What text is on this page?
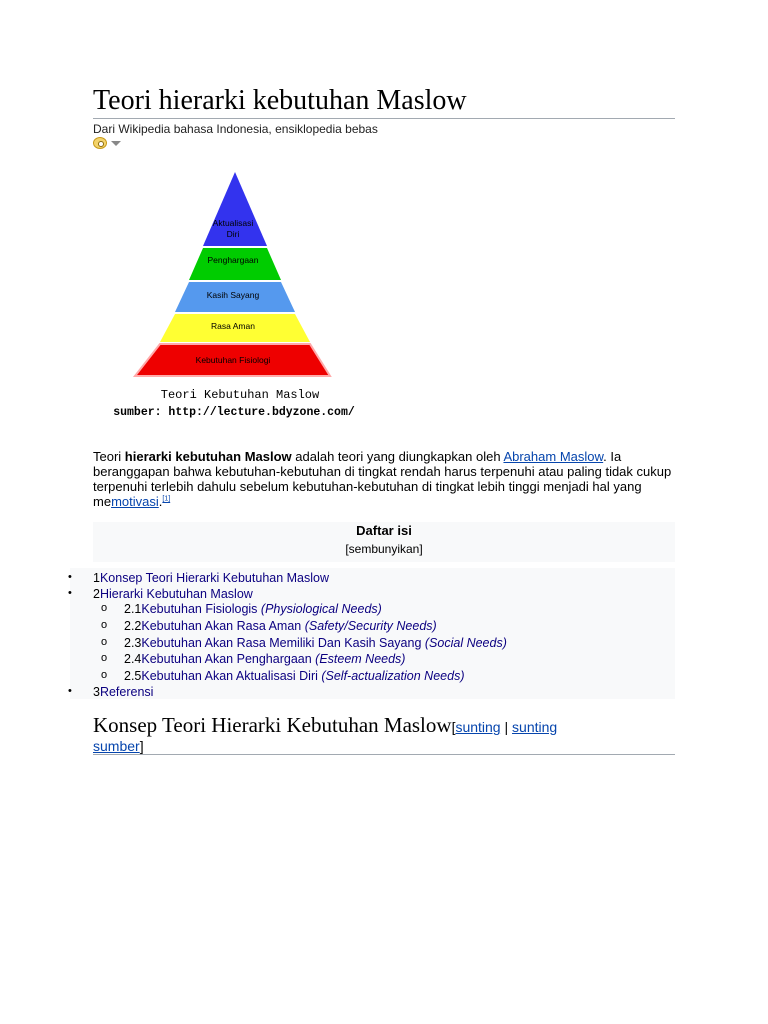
Teori hierarki kebutuhan Maslow
Dari Wikipedia bahasa Indonesia, ensiklopedia bebas
Aktualisasi
Diri
Penghargaan
Kasih Sayang
Rasa Aman
Kebutuhan Fisiologi
Teori Kebutuhan Maslow
sumber: http://lecture.bdyzone.com/
Teori hierarki kebutuhan Maslow adalah teori yang diungkapkan oleh Abraham Maslow. Ia beranggapan bahwa kebutuhan-kebutuhan di tingkat rendah harus terpenuhi atau paling tidak cukup terpenuhi terlebih dahulu sebelum kebutuhan-kebutuhan di tingkat lebih tinggi menjadi hal yang memotivasi.[1]
Daftar isi
[sembunyikan]
• 1Konsep Teori Hierarki Kebutuhan Maslow
• 2Hierarki Kebutuhan Maslow
o 2.1Kebutuhan Fisiologis (Physiological Needs)
o 2.2Kebutuhan Akan Rasa Aman (Safety/Security Needs)
o 2.3Kebutuhan Akan Rasa Memiliki Dan Kasih Sayang (Social Needs)
o 2.4Kebutuhan Akan Penghargaan (Esteem Needs)
o 2.5Kebutuhan Akan Aktualisasi Diri (Self-actualization Needs)
• 3Referensi
Konsep Teori Hierarki Kebutuhan Maslow[sunting | sunting
sumber]
